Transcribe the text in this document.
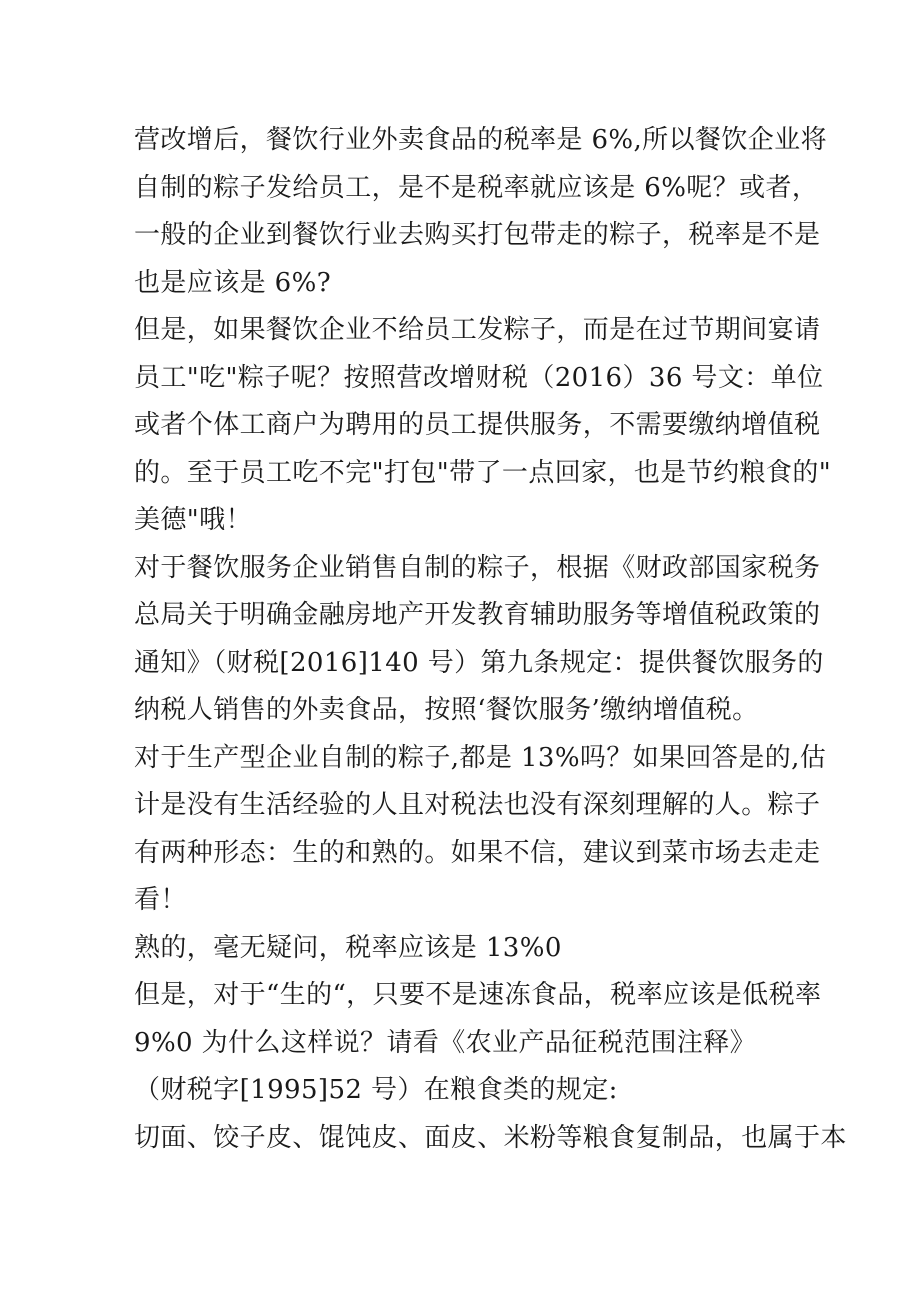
营改增后，餐饮行业外卖食品的税率是 6%,所以餐饮企业将
自制的粽子发给员工，是不是税率就应该是 6%呢？或者，
一般的企业到餐饮行业去购买打包带走的粽子，税率是不是
也是应该是 6%?
但是，如果餐饮企业不给员工发粽子，而是在过节期间宴请
员工"吃"粽子呢？按照营改增财税（2016）36 号文：单位
或者个体工商户为聘用的员工提供服务，不需要缴纳增值税
的。至于员工吃不完"打包"带了一点回家，也是节约粮食的"
美德"哦！
对于餐饮服务企业销售自制的粽子，根据《财政部国家税务
总局关于明确金融房地产开发教育辅助服务等增值税政策的
通知》（财税[2016]140 号）第九条规定：提供餐饮服务的
纳税人销售的外卖食品，按照‘餐饮服务’缴纳增值税。
对于生产型企业自制的粽子,都是 13%吗？如果回答是的,估
计是没有生活经验的人且对税法也没有深刻理解的人。粽子
有两种形态：生的和熟的。如果不信，建议到菜市场去走走
看！
熟的，毫无疑问，税率应该是 13%0
但是，对于“生的“，只要不是速冻食品，税率应该是低税率
9%0 为什么这样说？请看《农业产品征税范围注释》
（财税字[1995]52 号）在粮食类的规定:
切面、饺子皮、馄饨皮、面皮、米粉等粮食复制品，也属于本
